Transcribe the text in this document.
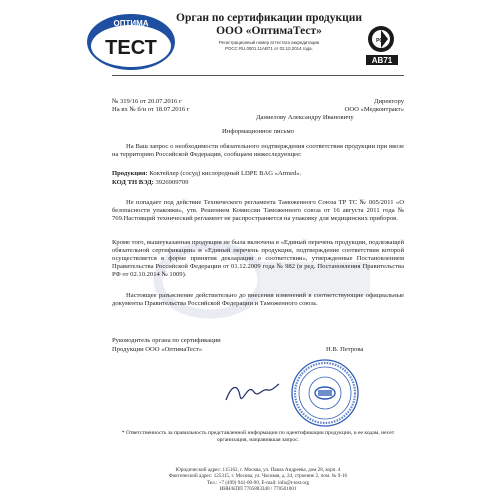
ОПТИМА
ТЕСТ
Орган по сертификации продукции
ООО «ОптимаТест»
Регистрационный номер аттестата аккредитации
РОСС RU.0001.11АВ71 от 02.10.2014 года.
РСТ
АВ71
№ 319/16 от 20.07.2016 г
На вх № б/н от 18.07.2016 г
Директору
ООО «Медконтракт»
Даниелову Александру Ивановичу
Информационное письмо

На Ваш запрос о необходимости обязательного подтверждения соответствия продукции при ввозе на территорию Российской Федерации, сообщаем нижеследующее:

Продукция: Коктейлер (сосуд) кислородный LDPE BAG «Armed».
КОД ТН ВЭД: 3926909709

Не попадает под действие Технического регламента Таможенного Союза ТР ТС № 005/2011 «О безопасности упаковки», утв. Решением Комиссии Таможенного союза от 16 августа 2011 года № 769.Настоящий технический регламент не распространяется на упаковку для медицинских приборов.

Кроме того, вышеуказанная продукция не была включена в «Единый перечень продукции, подлежащей обязательной сертификации» и «Единый перечень продукции, подтверждение соответствия которой осуществляется в форме принятия декларации о соответствии», утвержденные Постановлением Правительства Российской Федерации от 01.12.2009 года № 982 (в ред. Постановления Правительства РФ от 02.10.2014 № 1009).

Настоящее разъяснение действительно до внесения изменений в соответствующие официальные документы Правительства Российской Федерации и Таможенного союза.

Руководитель органа по сертификации
Продукции ООО «ОптимаТест»	Н.В. Петрова
* Ответственность за правильность представленной информации по идентификации продукции, и ее кодам, несет организация, направившая запрос.
Юридический адрес: 115162, г. Москва, ул. Павла Андреева, дом 28, корп. 4
Фактический адрес: 125315, г. Москва, ул. Часовая, д. 24, строение 2, пом. № 9-16
Тел.: +7 (499) 941-00-90, E-mail: info@t-test.org
ИНН/КПП 7705883340 / 770501001
